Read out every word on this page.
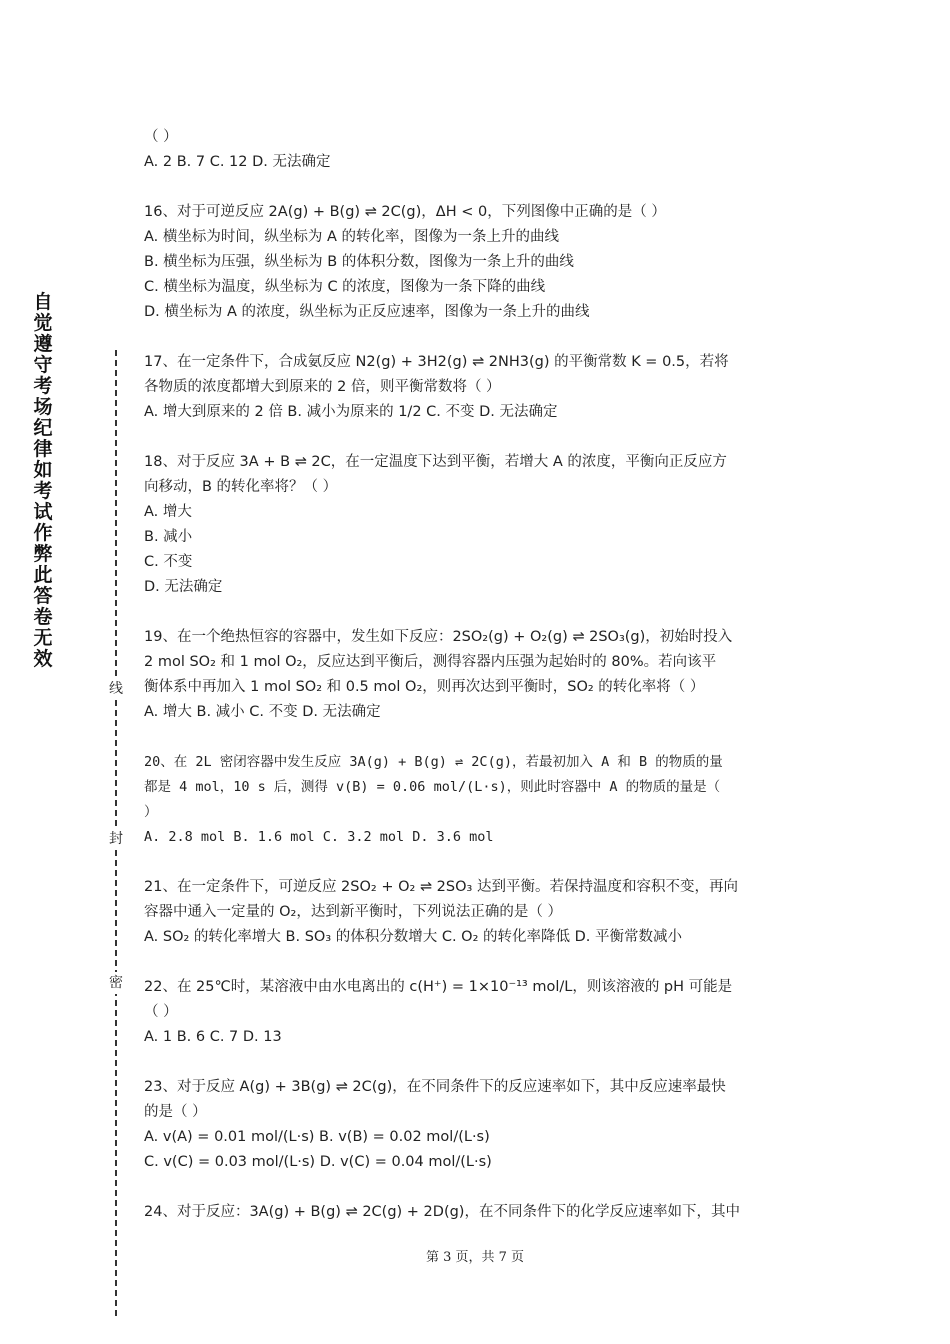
自觉遵守考场纪律如考试作弊此答卷无效
线
封
密
（ ）
A. 2 B. 7 C. 12 D. 无法确定
16、对于可逆反应 2A(g) + B(g) ⇌ 2C(g)，ΔH < 0，下列图像中正确的是（ ）
A. 横坐标为时间，纵坐标为 A 的转化率，图像为一条上升的曲线
B. 横坐标为压强，纵坐标为 B 的体积分数，图像为一条上升的曲线
C. 横坐标为温度，纵坐标为 C 的浓度，图像为一条下降的曲线
D. 横坐标为 A 的浓度，纵坐标为正反应速率，图像为一条上升的曲线
17、在一定条件下，合成氨反应 N2(g) + 3H2(g) ⇌ 2NH3(g) 的平衡常数 K = 0.5，若将
各物质的浓度都增大到原来的 2 倍，则平衡常数将（ ）
A. 增大到原来的 2 倍 B. 减小为原来的 1/2 C. 不变 D. 无法确定
18、对于反应 3A + B ⇌ 2C，在一定温度下达到平衡，若增大 A 的浓度，平衡向正反应方
向移动，B 的转化率将？（ ）
A. 增大
B. 减小
C. 不变
D. 无法确定
19、在一个绝热恒容的容器中，发生如下反应：2SO₂(g) + O₂(g) ⇌ 2SO₃(g)，初始时投入
2 mol SO₂ 和 1 mol O₂，反应达到平衡后，测得容器内压强为起始时的 80%。若向该平
衡体系中再加入 1 mol SO₂ 和 0.5 mol O₂，则再次达到平衡时，SO₂ 的转化率将（ ）
A. 增大 B. 减小 C. 不变 D. 无法确定
20、在 2L 密闭容器中发生反应 3A(g) + B(g) ⇌ 2C(g)，若最初加入 A 和 B 的物质的量
都是 4 mol，10 s 后，测得 v(B) = 0.06 mol/(L·s)，则此时容器中 A 的物质的量是（
）
A. 2.8 mol B. 1.6 mol C. 3.2 mol D. 3.6 mol
21、在一定条件下，可逆反应 2SO₂ + O₂ ⇌ 2SO₃ 达到平衡。若保持温度和容积不变，再向
容器中通入一定量的 O₂，达到新平衡时，下列说法正确的是（ ）
A. SO₂ 的转化率增大 B. SO₃ 的体积分数增大 C. O₂ 的转化率降低 D. 平衡常数减小
22、在 25℃时，某溶液中由水电离出的 c(H⁺) = 1×10⁻¹³ mol/L，则该溶液的 pH 可能是
（ ）
A. 1 B. 6 C. 7 D. 13
23、对于反应 A(g) + 3B(g) ⇌ 2C(g)，在不同条件下的反应速率如下，其中反应速率最快
的是（ ）
A. v(A) = 0.01 mol/(L·s) B. v(B) = 0.02 mol/(L·s)
C. v(C) = 0.03 mol/(L·s) D. v(C) = 0.04 mol/(L·s)
24、对于反应：3A(g) + B(g) ⇌ 2C(g) + 2D(g)，在不同条件下的化学反应速率如下，其中
第 3 页，共 7 页
